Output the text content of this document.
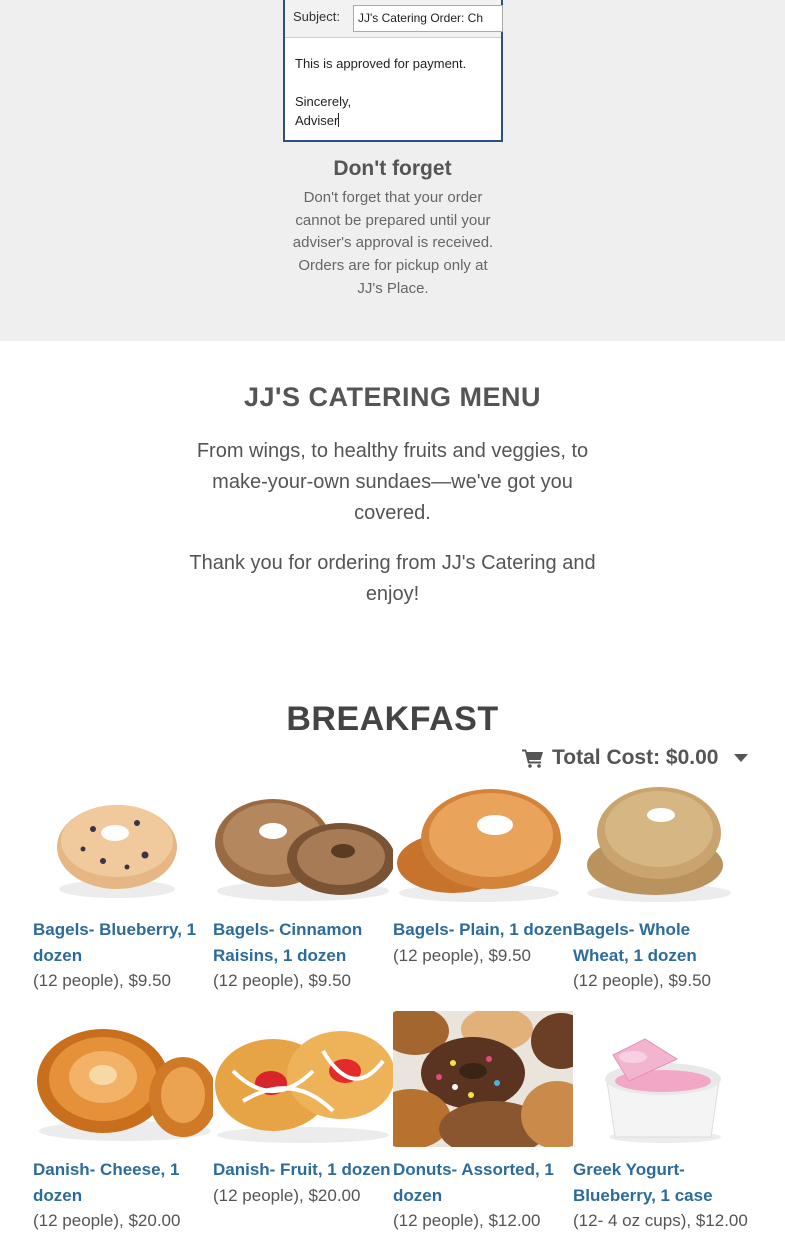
Subject:	JJ's Catering Order: Ch

This is approved for payment.

Sincerely,

Adviser

Don't forget

Don't forget that your order cannot be prepared until your adviser's approval is received. Orders are for pickup only at JJ's Place.

JJ'S CATERING MENU

From wings, to healthy fruits and veggies, to make-your-own sundaes—we've got you covered.

Thank you for ordering from JJ's Catering and enjoy!

BREAKFAST
Total Cost: $0.00
Bagels- Blueberry, 1
dozen
(12 people), $9.50
Bagels- Cinnamon
Raisins, 1 dozen
(12 people), $9.50
Bagels- Plain, 1 dozen

(12 people), $9.50
Bagels- Whole
Wheat, 1 dozen
(12 people), $9.50
Danish- Cheese, 1
dozen
(12 people), $20.00
Danish- Fruit, 1 dozen

(12 people), $20.00
Donuts- Assorted, 1
dozen
(12 people), $12.00
Greek Yogurt-
Blueberry, 1 case
(12- 4 oz cups), $12.00
